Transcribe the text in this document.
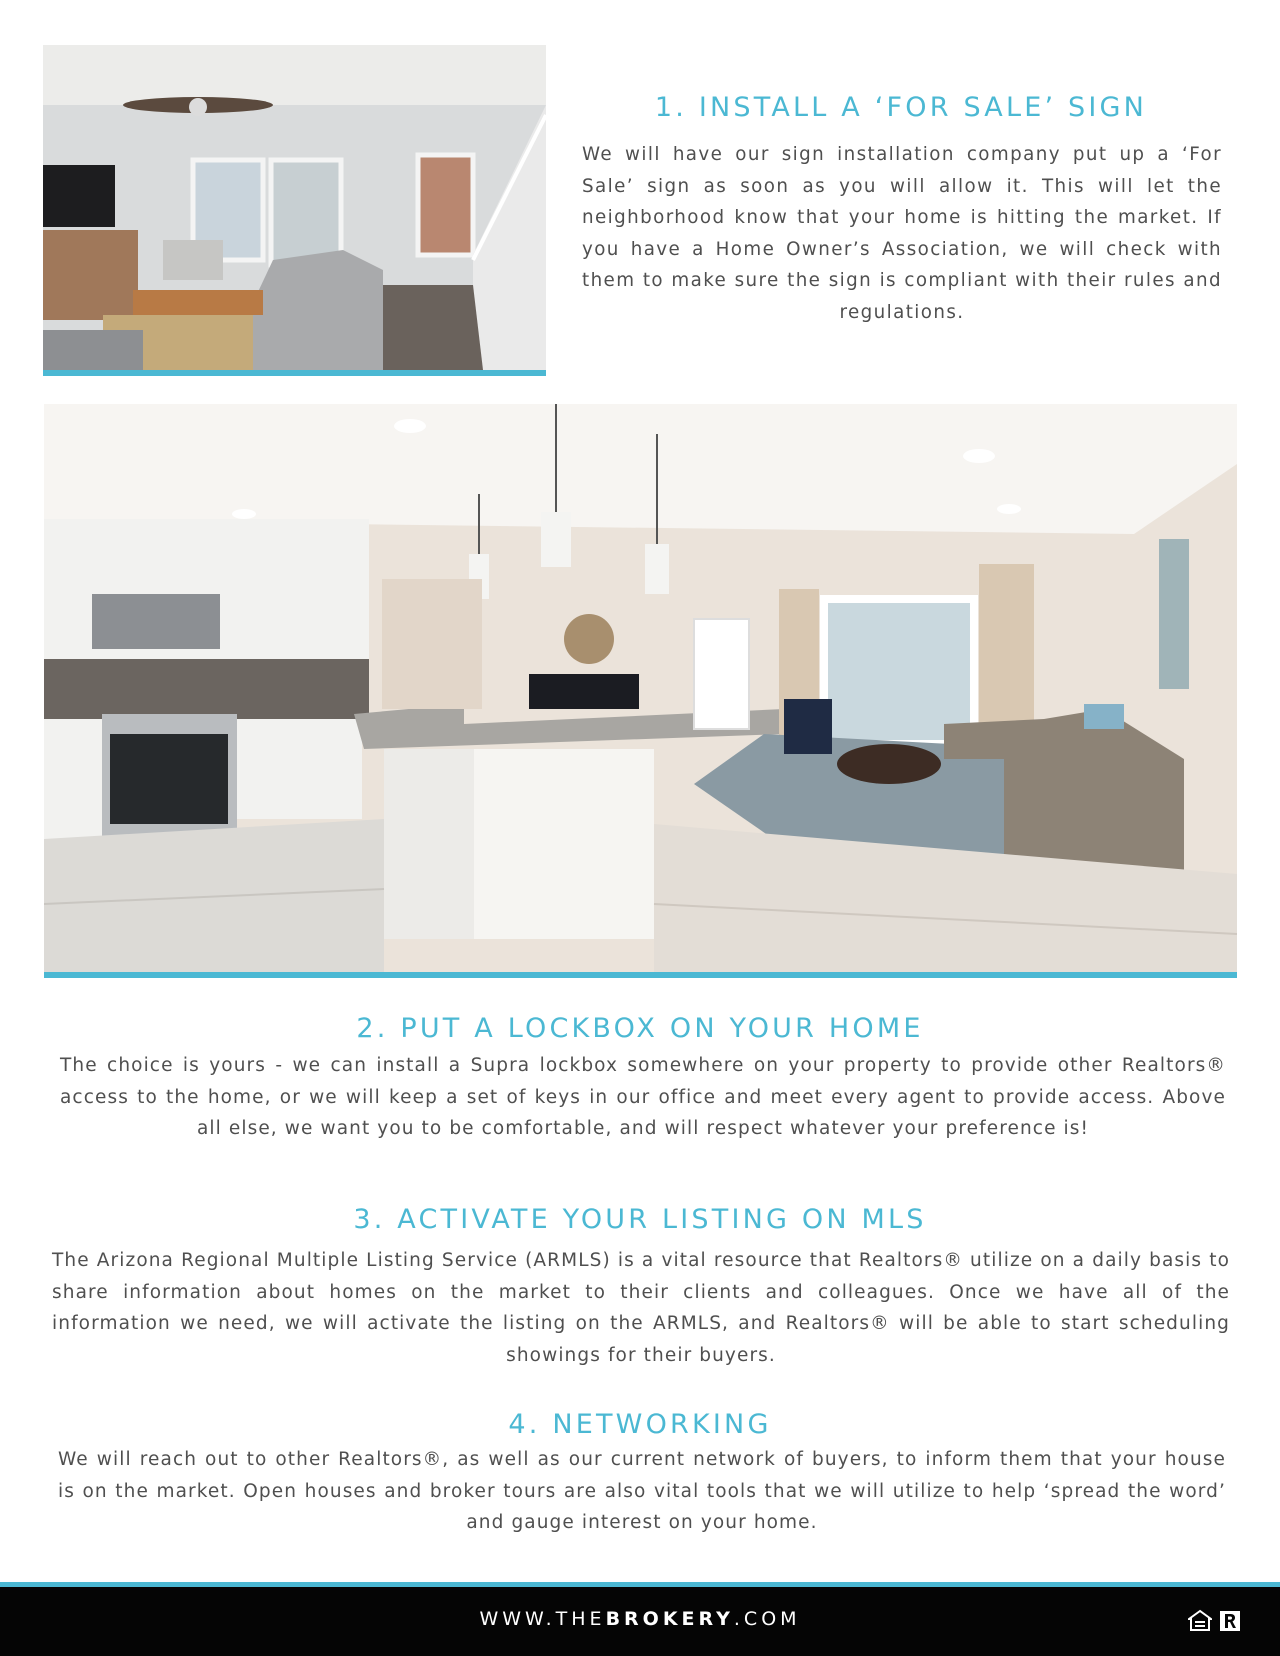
1. INSTALL A ‘FOR SALE’ SIGN

We will have our sign installation company put up a ‘For Sale’ sign as soon as you will allow it. This will let the neighborhood know that your home is hitting the market. If you have a Home Owner’s Association, we will check with them to make sure the sign is compliant with their rules and regulations.

2. PUT A LOCKBOX ON YOUR HOME

The choice is yours - we can install a Supra lockbox somewhere on your property to provide other Realtors® access to the home, or we will keep a set of keys in our office and meet every agent to provide access. Above all else, we want you to be comfortable, and will respect whatever your preference is!

3. ACTIVATE YOUR LISTING ON MLS

The Arizona Regional Multiple Listing Service (ARMLS) is a vital resource that Realtors® utilize on a daily basis to share information about homes on the market to their clients and colleagues. Once we have all of the information we need, we will activate the listing on the ARMLS, and Realtors® will be able to start scheduling showings for their buyers.

4. NETWORKING

We will reach out to other Realtors®, as well as our current network of buyers, to inform them that your house is on the market. Open houses and broker tours are also vital tools that we will utilize to help ‘spread the word’ and gauge interest on your home.

WWW.THEBROKERY.COM
